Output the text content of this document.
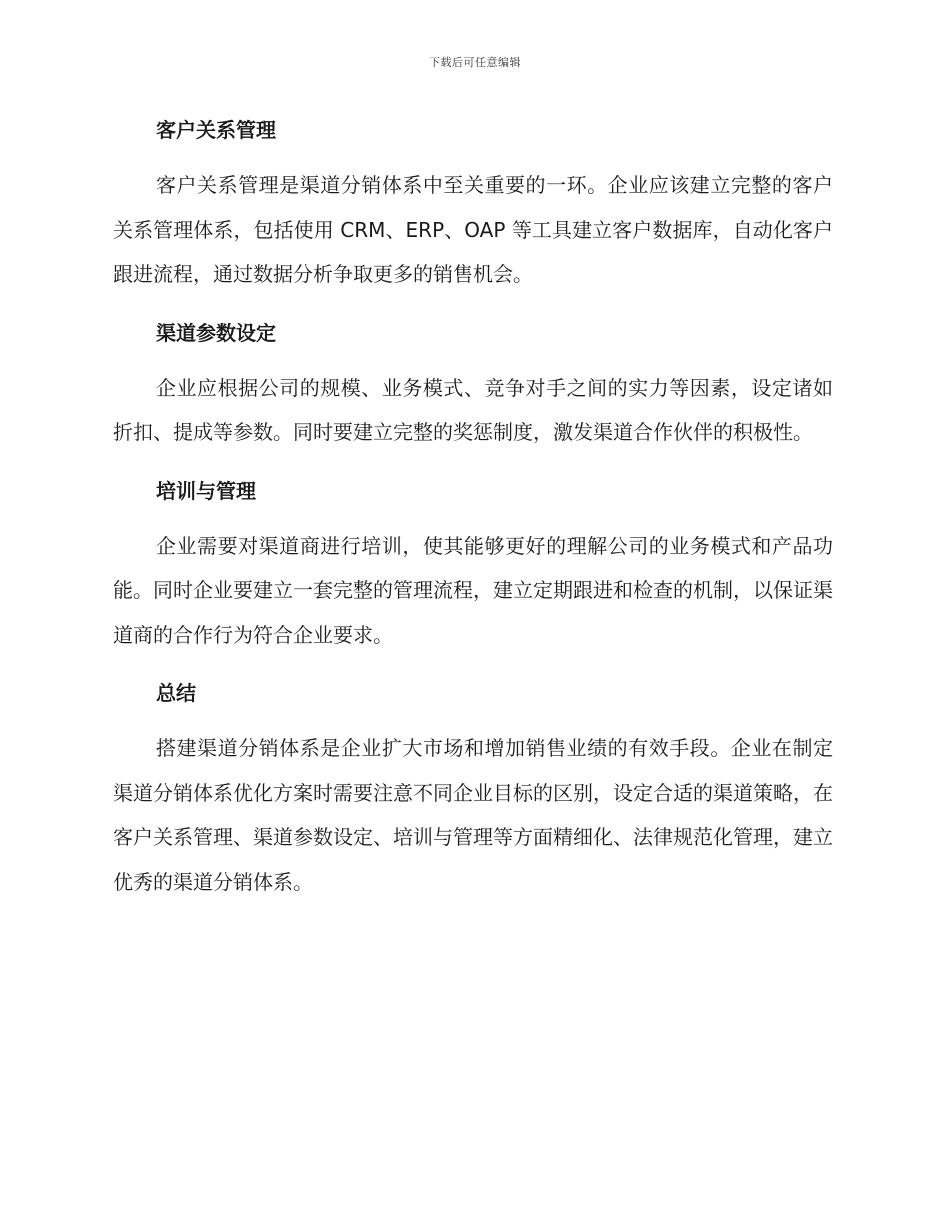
下载后可任意编辑
客户关系管理

客户关系管理是渠道分销体系中至关重要的一环。企业应该建立完整的客户关系管理体系，包括使用 CRM、ERP、OAP 等工具建立客户数据库，自动化客户跟进流程，通过数据分析争取更多的销售机会。

渠道参数设定

企业应根据公司的规模、业务模式、竞争对手之间的实力等因素，设定诸如折扣、提成等参数。同时要建立完整的奖惩制度，激发渠道合作伙伴的积极性。

培训与管理

企业需要对渠道商进行培训，使其能够更好的理解公司的业务模式和产品功能。同时企业要建立一套完整的管理流程，建立定期跟进和检查的机制，以保证渠道商的合作行为符合企业要求。

总结

搭建渠道分销体系是企业扩大市场和增加销售业绩的有效手段。企业在制定渠道分销体系优化方案时需要注意不同企业目标的区别，设定合适的渠道策略，在客户关系管理、渠道参数设定、培训与管理等方面精细化、法律规范化管理，建立优秀的渠道分销体系。
